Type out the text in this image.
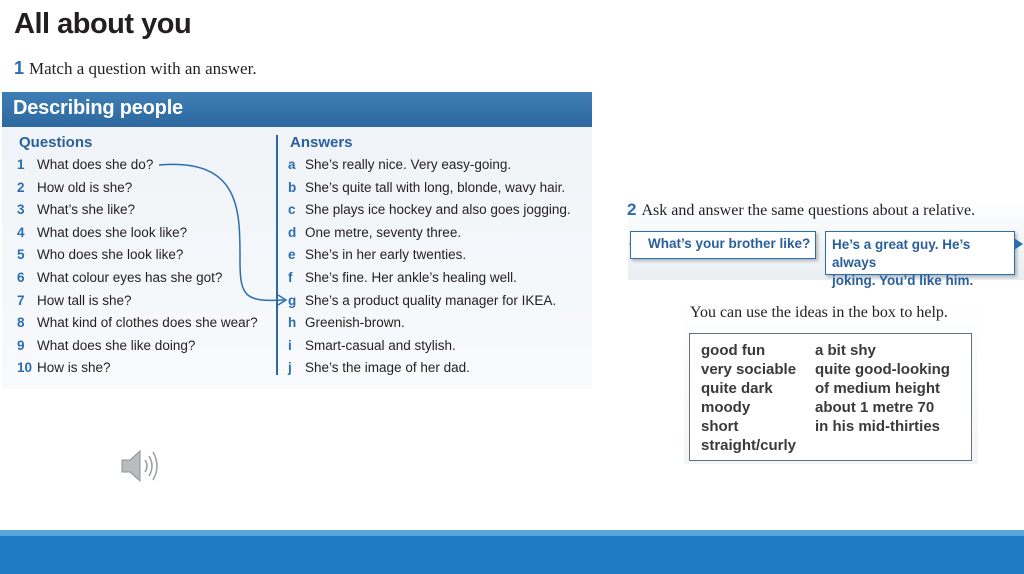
All about you
1 Match a question with an answer.
Describing people
Questions	Answers
1 What does she do?
2 How old is she?
3 What’s she like?
4 What does she look like?
5 Who does she look like?
6 What colour eyes has she got?
7 How tall is she?
8 What kind of clothes does she wear?
9 What does she like doing?
10 How is she?
a She’s really nice. Very easy-going.
b She’s quite tall with long, blonde, wavy hair.
c She plays ice hockey and also goes jogging.
d One metre, seventy three.
e She’s in her early twenties.
f She’s fine. Her ankle’s healing well.
g She’s a product quality manager for IKEA.
h Greenish-brown.
i Smart-casual and stylish.
j She’s the image of her dad.
2 Ask and answer the same questions about a relative.
What’s your brother like?	He’s a great guy. He’s always
joking. You’d like him.
You can use the ideas in the box to help.
good fun
very sociable
quite dark
moody
short
straight/curly
a bit shy
quite good-looking
of medium height
about 1 metre 70
in his mid-thirties
